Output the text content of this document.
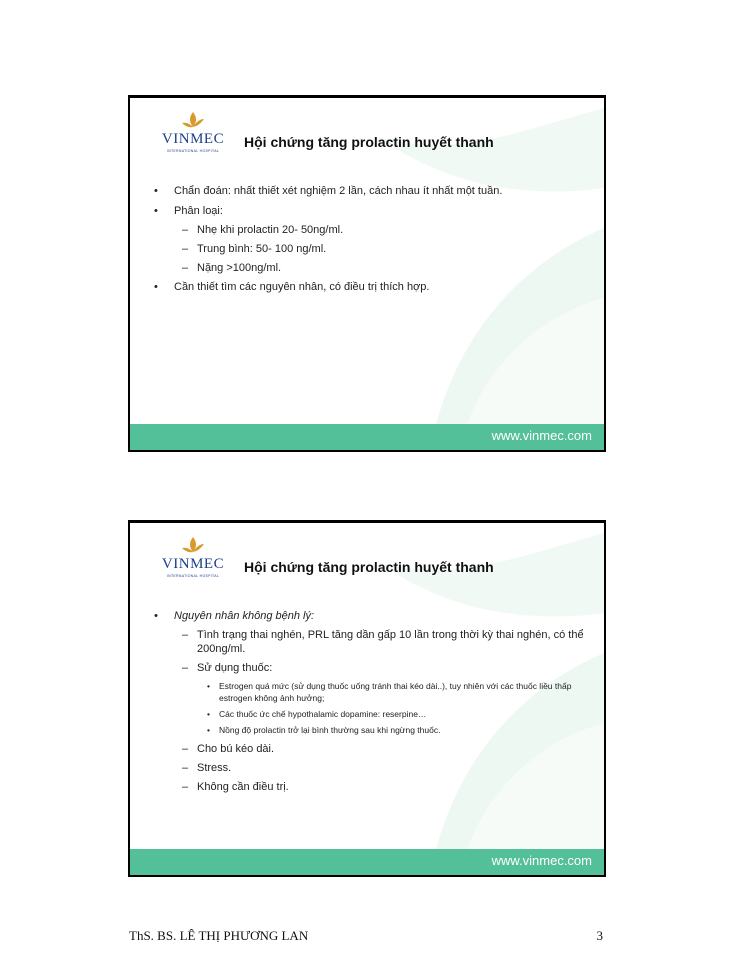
VINMEC
INTERNATIONAL HOSPITAL
Hội chứng tăng prolactin huyết thanh
• Chẩn đoán: nhất thiết xét nghiệm 2 lần, cách nhau ít nhất một tuần.
• Phân loại:
– Nhẹ khi prolactin 20- 50ng/ml.
– Trung bình: 50- 100 ng/ml.
– Nặng >100ng/ml.
• Cần thiết tìm các nguyên nhân, có điều trị thích hợp.
www.vinmec.com
VINMEC
INTERNATIONAL HOSPITAL
Hội chứng tăng prolactin huyết thanh
• Nguyên nhân không bệnh lý:
– Tình trạng thai nghén, PRL tăng dần gấp 10 lần trong thời kỳ thai nghén, có thể 200ng/ml.
– Sử dụng thuốc:
• Estrogen quá mức (sử dụng thuốc uống tránh thai kéo dài..), tuy nhiên với các thuốc liều thấp estrogen không ảnh hưởng;
• Các thuốc ức chế hypothalamic dopamine: reserpine…
• Nồng độ prolactin trở lại bình thường sau khi ngừng thuốc.
– Cho bú kéo dài.
– Stress.
– Không cần điều trị.
www.vinmec.com
ThS. BS. LÊ THỊ PHƯƠNG LAN	3
